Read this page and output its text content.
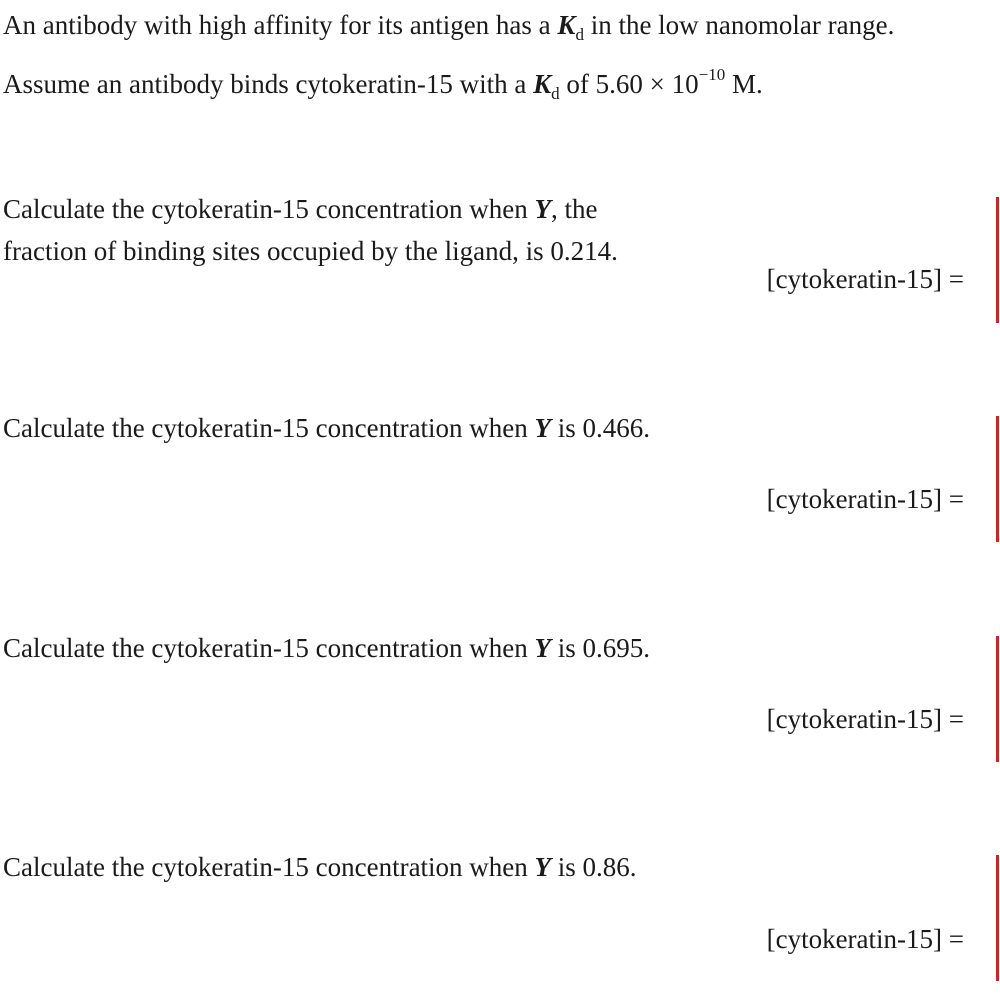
An antibody with high affinity for its antigen has a $K_d$ in the low nanomolar range.
Assume an antibody binds cytokeratin-15 with a $K_d$ of $5.60 \times 10^{-10}$ M.
Calculate the cytokeratin-15 concentration when Y, the
fraction of binding sites occupied by the ligand, is 0.214.
[cytokeratin-15] =
Calculate the cytokeratin-15 concentration when Y is 0.466.
[cytokeratin-15] =
Calculate the cytokeratin-15 concentration when Y is 0.695.
[cytokeratin-15] =
Calculate the cytokeratin-15 concentration when Y is 0.86.
[cytokeratin-15] =
